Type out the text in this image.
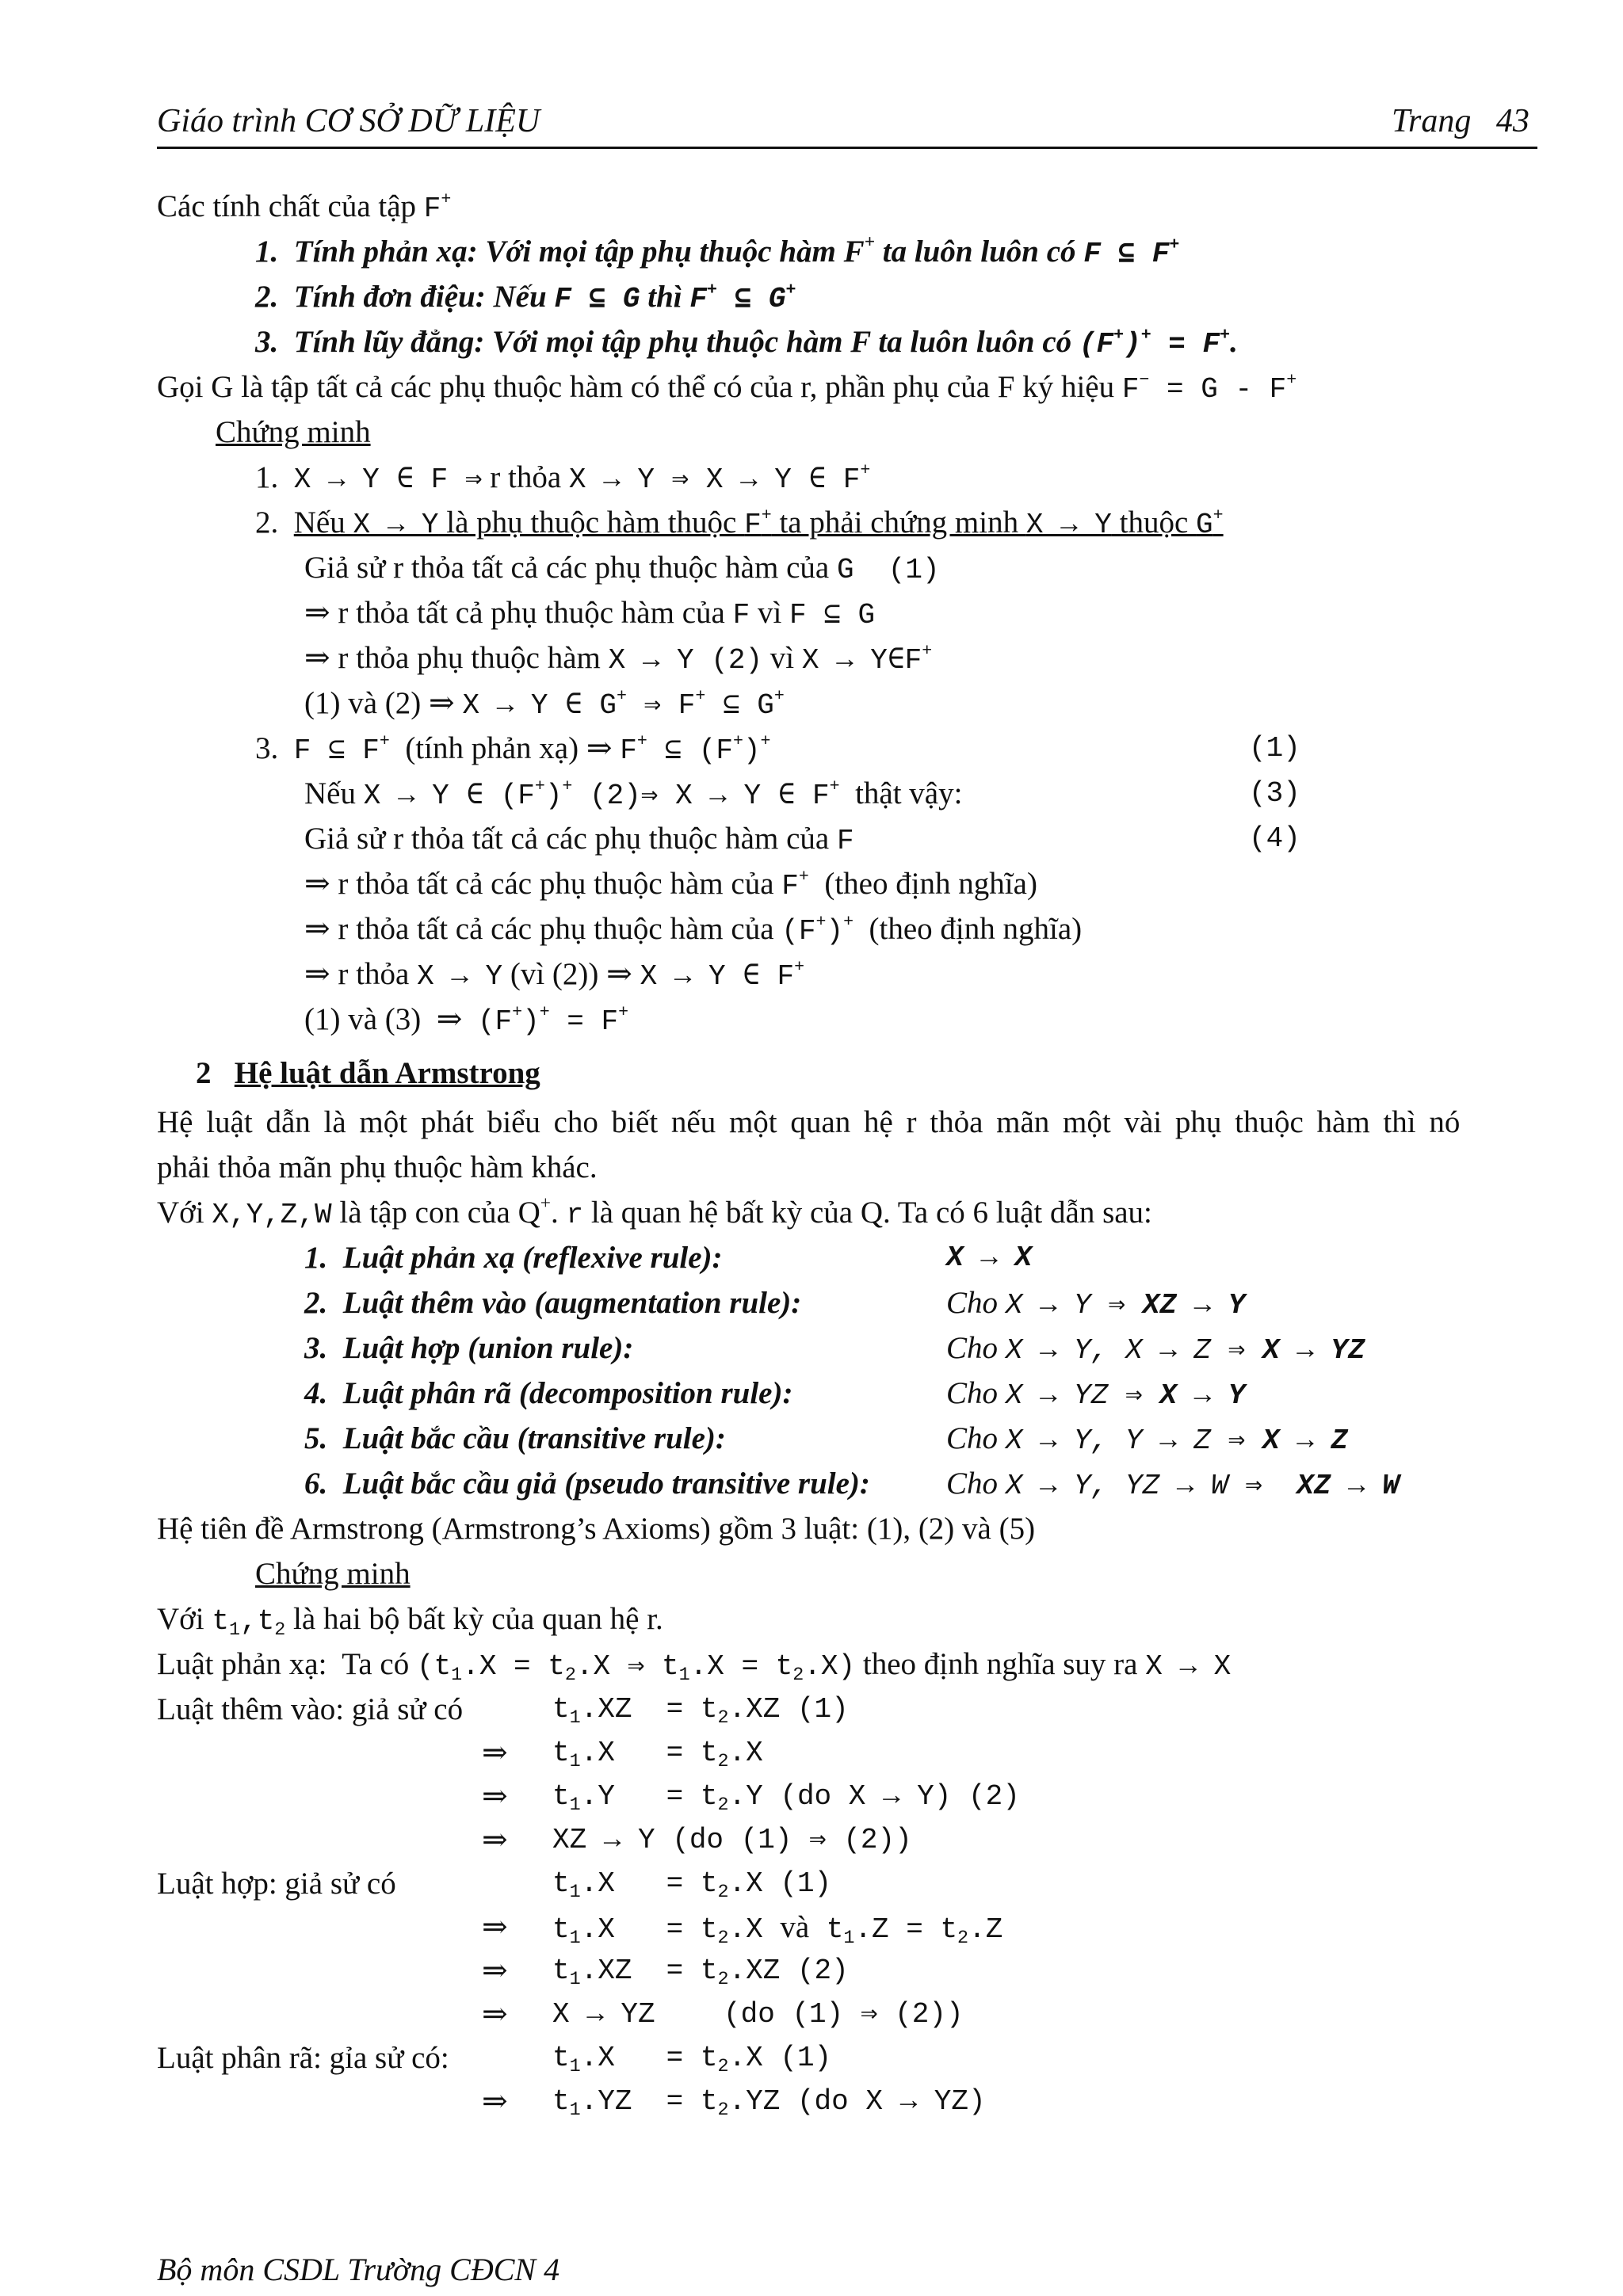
Giáo trình CƠ SỞ DỮ LIỆU	Trang   43
Các tính chất của tập F+
1.  Tính phản xạ: Với mọi tập phụ thuộc hàm F+ ta luôn luôn có F ⊆ F+
2.  Tính đơn điệu: Nếu F ⊆ G thì F+ ⊆ G+
3.  Tính lũy đẳng: Với mọi tập phụ thuộc hàm F ta luôn luôn có (F+)+ = F+.
Gọi G là tập tất cả các phụ thuộc hàm có thể có của r, phần phụ của F ký hiệu F− = G - F+
Chứng minh
1.  X → Y ∈ F ⇒ r thỏa X → Y ⇒ X → Y ∈ F+
2.  Nếu X → Y là phụ thuộc hàm thuộc F+ ta phải chứng minh X → Y thuộc G+
Giả sử r thỏa tất cả các phụ thuộc hàm của G  (1)
⇒ r thỏa tất cả phụ thuộc hàm của F vì F ⊆ G
⇒ r thỏa phụ thuộc hàm X → Y (2) vì X → Y∈F+
(1) và (2) ⇒ X → Y ∈ G+ ⇒ F+ ⊆ G+
3.  F ⊆ F+ (tính phản xạ) ⇒ F+ ⊆ (F+)+	(1)
Nếu X → Y ∈ (F+)+ (2)⇒ X → Y ∈ F+ thật vậy:	(3)
Giả sử r thỏa tất cả các phụ thuộc hàm của F	(4)
⇒ r thỏa tất cả các phụ thuộc hàm của F+ (theo định nghĩa)
⇒ r thỏa tất cả các phụ thuộc hàm của (F+)+ (theo định nghĩa)
⇒ r thỏa X → Y (vì (2)) ⇒ X → Y ∈ F+
(1) và (3)  ⇒  (F+)+ = F+
2   Hệ luật dẫn Armstrong
Hệ luật dẫn là một phát biểu cho biết nếu một quan hệ r thỏa mãn một vài phụ thuộc hàm thì nó
phải thỏa mãn phụ thuộc hàm khác.
Với X,Y,Z,W là tập con của Q+. r là quan hệ bất kỳ của Q. Ta có 6 luật dẫn sau:
1. Luật phản xạ (reflexive rule):	X → X
2. Luật thêm vào (augmentation rule):	Cho X → Y ⇒ XZ → Y
3. Luật hợp (union rule):	Cho X → Y, X → Z ⇒ X → YZ
4. Luật phân rã (decomposition rule):	Cho X → YZ ⇒ X → Y
5. Luật bắc cầu (transitive rule):	Cho X → Y, Y → Z ⇒ X → Z
6. Luật bắc cầu giả (pseudo transitive rule): Cho X → Y, YZ → W ⇒  XZ → W
Hệ tiên đề Armstrong (Armstrong’s Axioms) gồm 3 luật: (1), (2) và (5)
Chứng minh
Với $t_1,t_2$ là hai bộ bất kỳ của quan hệ r.
Luật phản xạ:  Ta có ($t_1.X = t_2.X$ ⇒ $t_1.X = t_2.X$) theo định nghĩa suy ra X → X
Luật thêm vào: giả sử có	$t_1.XZ = t_2.XZ$ (1)
⇒ $t_1.X = t_2.X$
⇒ $t_1.Y = t_2.Y$ (do X → Y) (2)
⇒ XZ → Y (do (1) ⇒ (2))
Luật hợp: giả sử có	$t_1.X = t_2.X$ (1)
⇒ $t_1.X = t_2.X$ và $t_1.Z = t_2.Z$
⇒ $t_1.XZ = t_2.XZ$ (2)
⇒ X → YZ    (do (1) ⇒ (2))
Luật phân rã: gỉa sử có:	$t_1.X = t_2.X$ (1)
⇒ $t_1.YZ = t_2.YZ$ (do X → YZ)
Bộ môn CSDL Trường CĐCN 4
